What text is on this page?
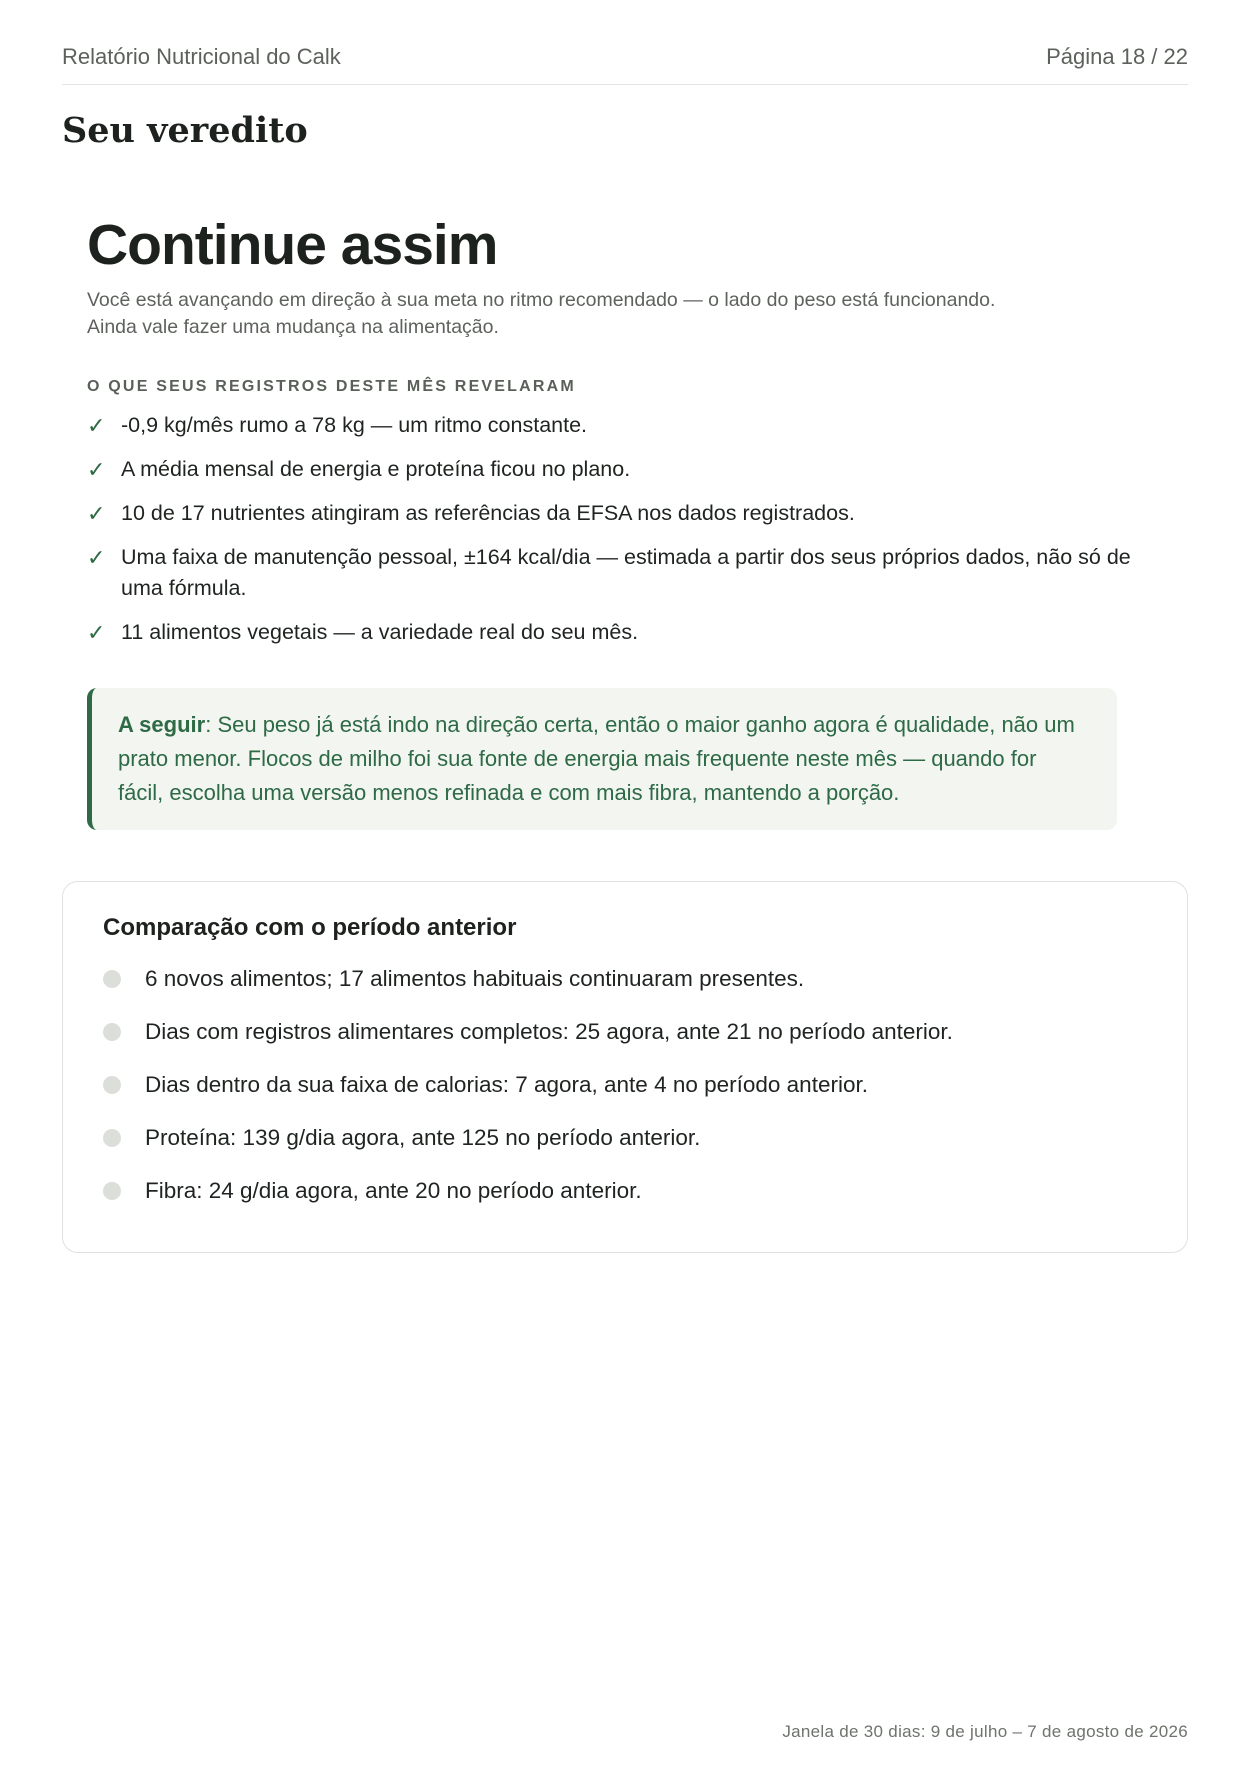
Relatório Nutricional do Calk	Página 18 / 22
Seu veredito
Continue assim
Você está avançando em direção à sua meta no ritmo recomendado — o lado do peso está funcionando.
Ainda vale fazer uma mudança na alimentação.
O QUE SEUS REGISTROS DESTE MÊS REVELARAM
✓ -0,9 kg/mês rumo a 78 kg — um ritmo constante.
✓ A média mensal de energia e proteína ficou no plano.
✓ 10 de 17 nutrientes atingiram as referências da EFSA nos dados registrados.
✓ Uma faixa de manutenção pessoal, ±164 kcal/dia — estimada a partir dos seus próprios dados, não só de uma fórmula.
✓ 11 alimentos vegetais — a variedade real do seu mês.
A seguir: Seu peso já está indo na direção certa, então o maior ganho agora é qualidade, não um prato menor. Flocos de milho foi sua fonte de energia mais frequente neste mês — quando for fácil, escolha uma versão menos refinada e com mais fibra, mantendo a porção.
Comparação com o período anterior
6 novos alimentos; 17 alimentos habituais continuaram presentes.
Dias com registros alimentares completos: 25 agora, ante 21 no período anterior.
Dias dentro da sua faixa de calorias: 7 agora, ante 4 no período anterior.
Proteína: 139 g/dia agora, ante 125 no período anterior.
Fibra: 24 g/dia agora, ante 20 no período anterior.
Janela de 30 dias: 9 de julho – 7 de agosto de 2026
